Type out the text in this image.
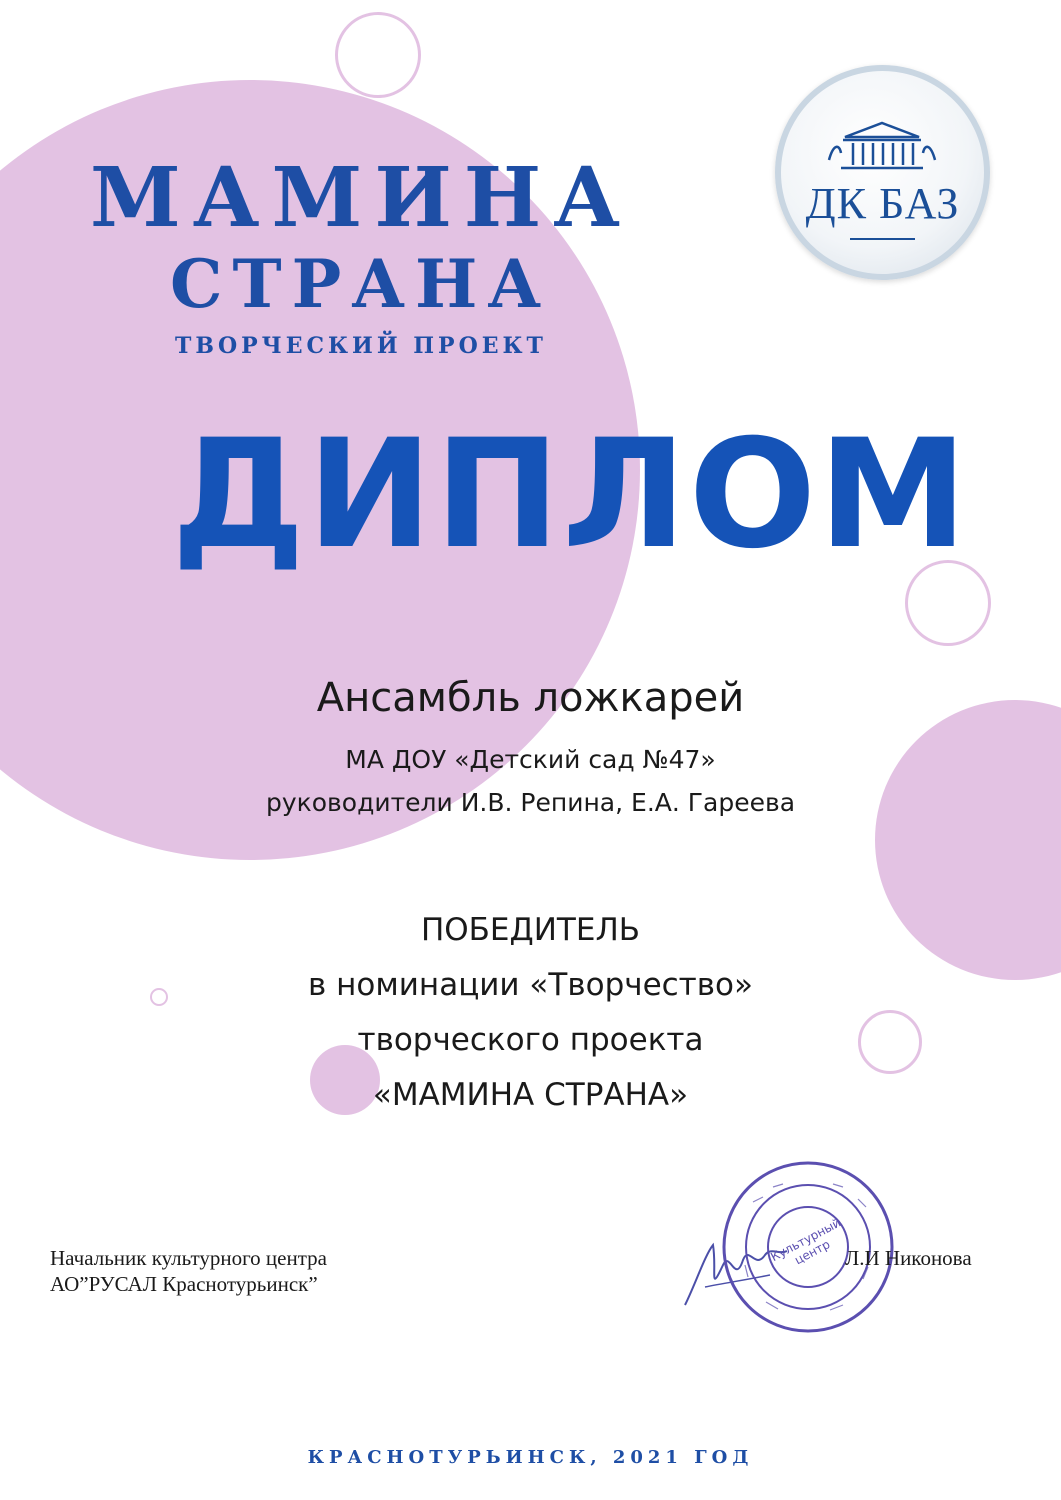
МАМИНА
СТРАНА
ТВОРЧЕСКИЙ ПРОЕКТ
ДК БАЗ
ДИПЛОМ
Ансамбль ложкарей
МА ДОУ «Детский сад №47»
руководители И.В. Репина, Е.А. Гареева
ПОБЕДИТЕЛЬ
в номинации «Творчество»
творческого проекта
«МАМИНА СТРАНА»
Начальник культурного центра
АО”РУСАЛ Краснотурьинск”
Культурный центр Л.И Никонова
КРАСНОТУРЬИНСК, 2021 ГОД
